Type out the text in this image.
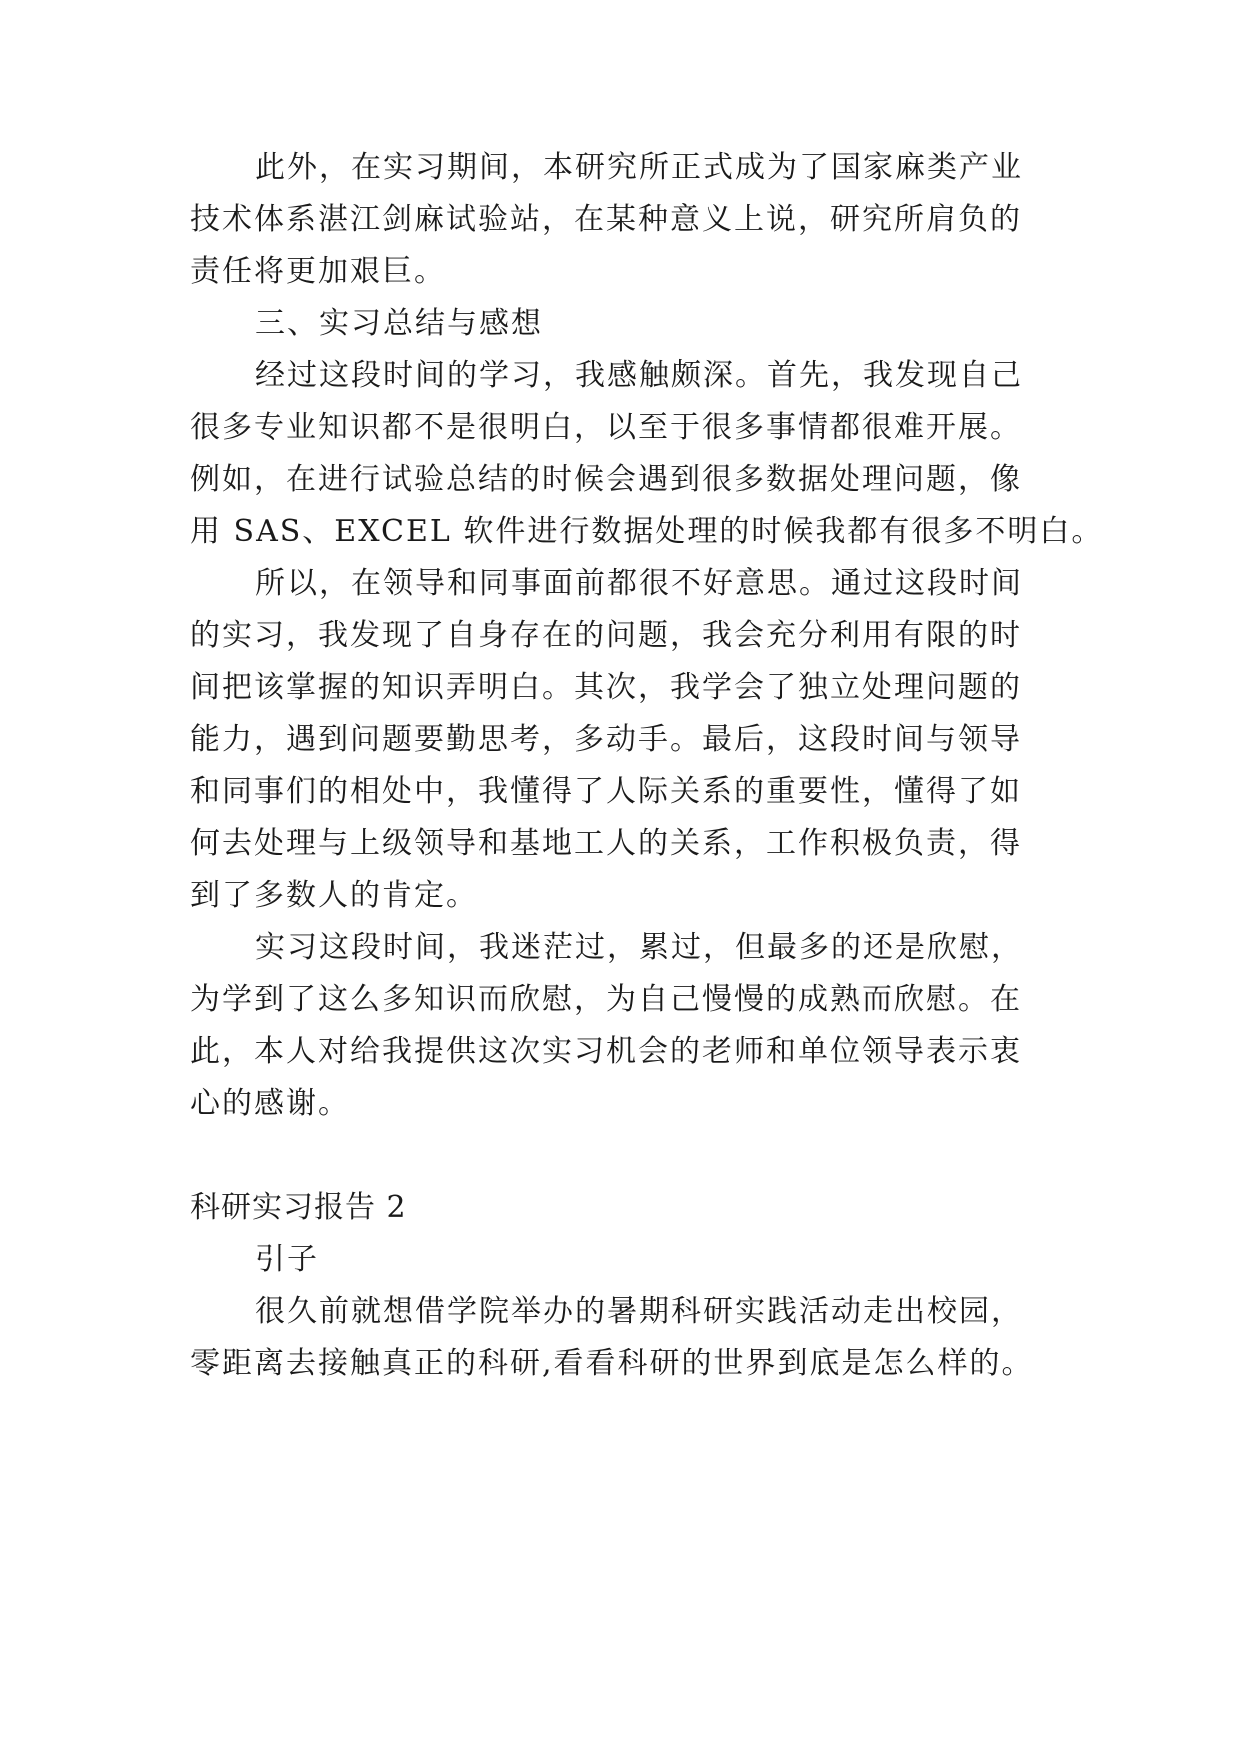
此外，在实习期间，本研究所正式成为了国家麻类产业
技术体系湛江剑麻试验站，在某种意义上说，研究所肩负的
责任将更加艰巨。
三、实习总结与感想
经过这段时间的学习，我感触颇深。首先，我发现自己
很多专业知识都不是很明白，以至于很多事情都很难开展。
例如，在进行试验总结的时候会遇到很多数据处理问题，像
用 SAS、EXCEL 软件进行数据处理的时候我都有很多不明白。
所以，在领导和同事面前都很不好意思。通过这段时间
的实习，我发现了自身存在的问题，我会充分利用有限的时
间把该掌握的知识弄明白。其次，我学会了独立处理问题的
能力，遇到问题要勤思考，多动手。最后，这段时间与领导
和同事们的相处中，我懂得了人际关系的重要性，懂得了如
何去处理与上级领导和基地工人的关系，工作积极负责，得
到了多数人的肯定。
实习这段时间，我迷茫过，累过，但最多的还是欣慰，
为学到了这么多知识而欣慰，为自己慢慢的成熟而欣慰。在
此，本人对给我提供这次实习机会的老师和单位领导表示衷
心的感谢。
科研实习报告 2
引子
很久前就想借学院举办的暑期科研实践活动走出校园，
零距离去接触真正的科研,看看科研的世界到底是怎么样的。
